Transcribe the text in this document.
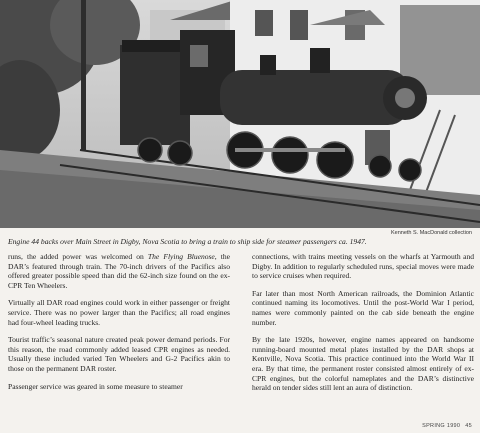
Kenneth S. MacDonald collection
Engine 44 backs over Main Street in Digby, Nova Scotia to bring a train to ship side for steamer passengers ca. 1947.

runs, the added power was welcomed on The Flying Bluenose, the DAR’s featured through train. The 70-inch drivers of the Pacifics also offered greater possible speed than did the 62-inch size found on the ex- CPR Ten Wheelers.

Virtually all DAR road engines could work in either passenger or freight service. There was no power larger than the Pacifics; all road engines had four-wheel leading trucks.

Tourist traffic’s seasonal nature created peak power demand periods. For this reason, the road commonly added leased CPR engines as needed. Usually these included varied Ten Wheelers and G-2 Pacifics akin to those on the permanent DAR roster.

Passenger service was geared in some measure to steamer

connections, with trains meeting vessels on the wharfs at Yarmouth and Digby. In addition to regularly scheduled runs, special moves were made to service cruises when required.

Far later than most North American railroads, the Dominion Atlantic continued naming its locomotives. Until the post-World War I period, names were commonly painted on the cab side beneath the engine number.

By the late 1920s, however, engine names appeared on handsome running-board mounted metal plates installed by the DAR shops at Kentville, Nova Scotia. This practice continued into the World War II era. By that time, the permanent roster consisted almost entirely of ex-CPR engines, but the colorful nameplates and the DAR’s distinctive herald on tender sides still lent an aura of distinction.

SPRING 1990 45
